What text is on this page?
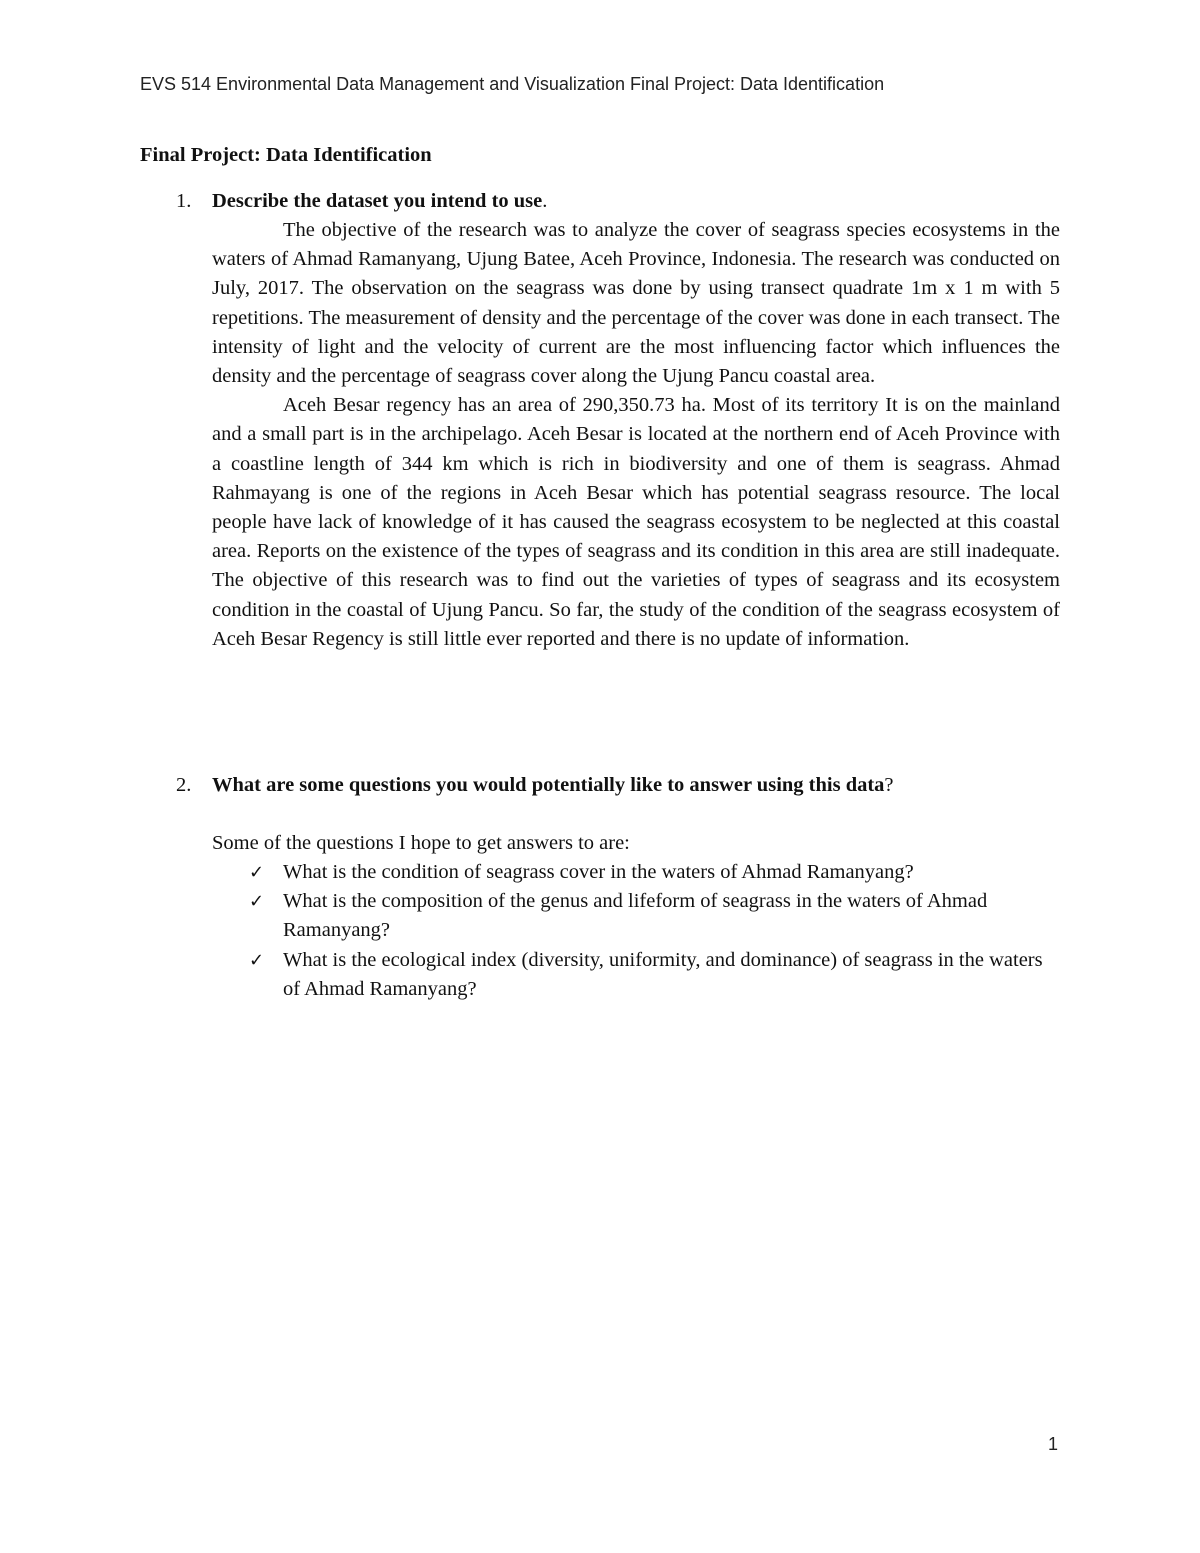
EVS 514 Environmental Data Management and Visualization Final Project: Data Identification
Final Project: Data Identification
1. Describe the dataset you intend to use.

The objective of the research was to analyze the cover of seagrass species ecosystems in the waters of Ahmad Ramanyang, Ujung Batee, Aceh Province, Indonesia. The research was conducted on July, 2017. The observation on the seagrass was done by using transect quadrate 1m x 1 m with 5 repetitions. The measurement of density and the percentage of the cover was done in each transect. The intensity of light and the velocity of current are the most influencing factor which influences the density and the percentage of seagrass cover along the Ujung Pancu coastal area.

Aceh Besar regency has an area of 290,350.73 ha. Most of its territory It is on the mainland and a small part is in the archipelago. Aceh Besar is located at the northern end of Aceh Province with a coastline length of 344 km which is rich in biodiversity and one of them is seagrass. Ahmad Rahmayang is one of the regions in Aceh Besar which has potential seagrass resource. The local people have lack of knowledge of it has caused the seagrass ecosystem to be neglected at this coastal area. Reports on the existence of the types of seagrass and its condition in this area are still inadequate. The objective of this research was to find out the varieties of types of seagrass and its ecosystem condition in the coastal of Ujung Pancu. So far, the study of the condition of the seagrass ecosystem of Aceh Besar Regency is still little ever reported and there is no update of information.

2. What are some questions you would potentially like to answer using this data?
Some of the questions I hope to get answers to are:
✓ What is the condition of seagrass cover in the waters of Ahmad Ramanyang?
✓ What is the composition of the genus and lifeform of seagrass in the waters of Ahmad Ramanyang?
✓ What is the ecological index (diversity, uniformity, and dominance) of seagrass in the waters of Ahmad Ramanyang?
1
